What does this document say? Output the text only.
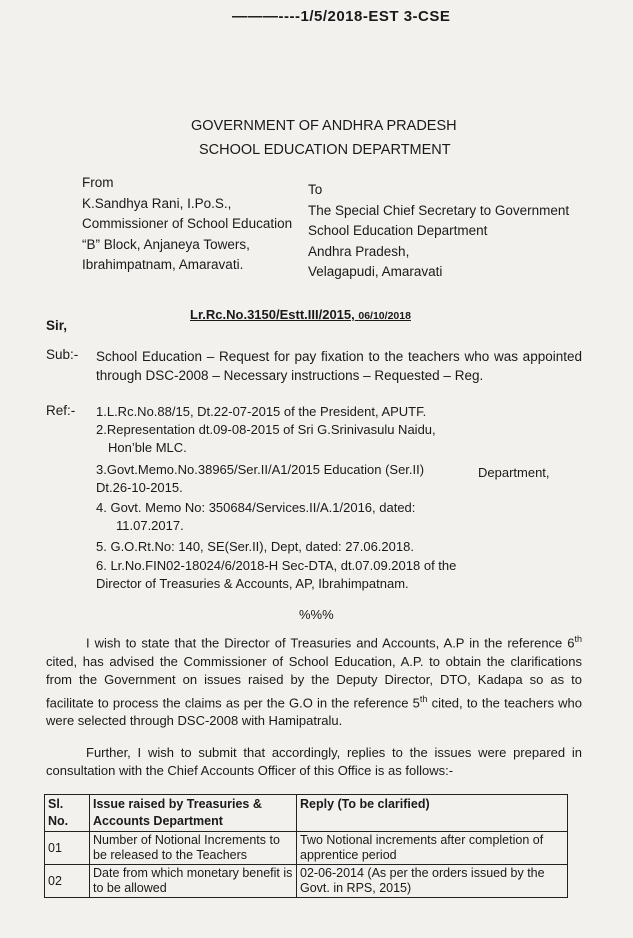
———-‐‐‐1/5/2018-EST 3-CSE
GOVERNMENT OF ANDHRA PRADESH
SCHOOL EDUCATION DEPARTMENT
From
K.Sandhya Rani, I.Po.S.,
Commissioner of School Education
“B” Block, Anjaneya Towers,
Ibrahimpatnam, Amaravati.
To
The Special Chief Secretary to Government
School Education Department
Andhra Pradesh,
Velagapudi, Amaravati
Lr.Rc.No.3150/Estt.III/2015, 06/10/2018
Sir,
Sub:- School Education – Request for pay fixation to the teachers who was appointed through DSC-2008 – Necessary instructions – Requested – Reg.
Ref:- 1.L.Rc.No.88/15, Dt.22-07-2015 of the President, APUTF.
2.Representation dt.09-08-2015 of Sri G.Srinivasulu Naidu,
Hon’ble MLC.
3.Govt.Memo.No.38965/Ser.II/A1/2015 Education (Ser.II)	Department,
Dt.26-10-2015.
4. Govt. Memo No: 350684/Services.II/A.1/2016, dated:
11.07.2017.
5. G.O.Rt.No: 140, SE(Ser.II), Dept, dated: 27.06.2018.
6. Lr.No.FIN02-18024/6/2018-H Sec-DTA, dt.07.09.2018 of the
Director of Treasuries & Accounts, AP, Ibrahimpatnam.
%%%
I wish to state that the Director of Treasuries and Accounts, A.P in the reference 6th cited, has advised the Commissioner of School Education, A.P. to obtain the clarifications from the Government on issues raised by the Deputy Director, DTO, Kadapa so as to facilitate to process the claims as per the G.O in the reference 5th cited, to the teachers who were selected through DSC-2008 with Hamipatralu.
Further, I wish to submit that accordingly, replies to the issues were prepared in consultation with the Chief Accounts Officer of this Office is as follows:-
Sl.
No.	Issue raised by Treasuries & Accounts Department	Reply (To be clarified)
01	Number of Notional Increments to be released to the Teachers	Two Notional increments after completion of apprentice period
02	Date from which monetary benefit is to be allowed	02-06-2014 (As per the orders issued by the Govt. in RPS, 2015)
